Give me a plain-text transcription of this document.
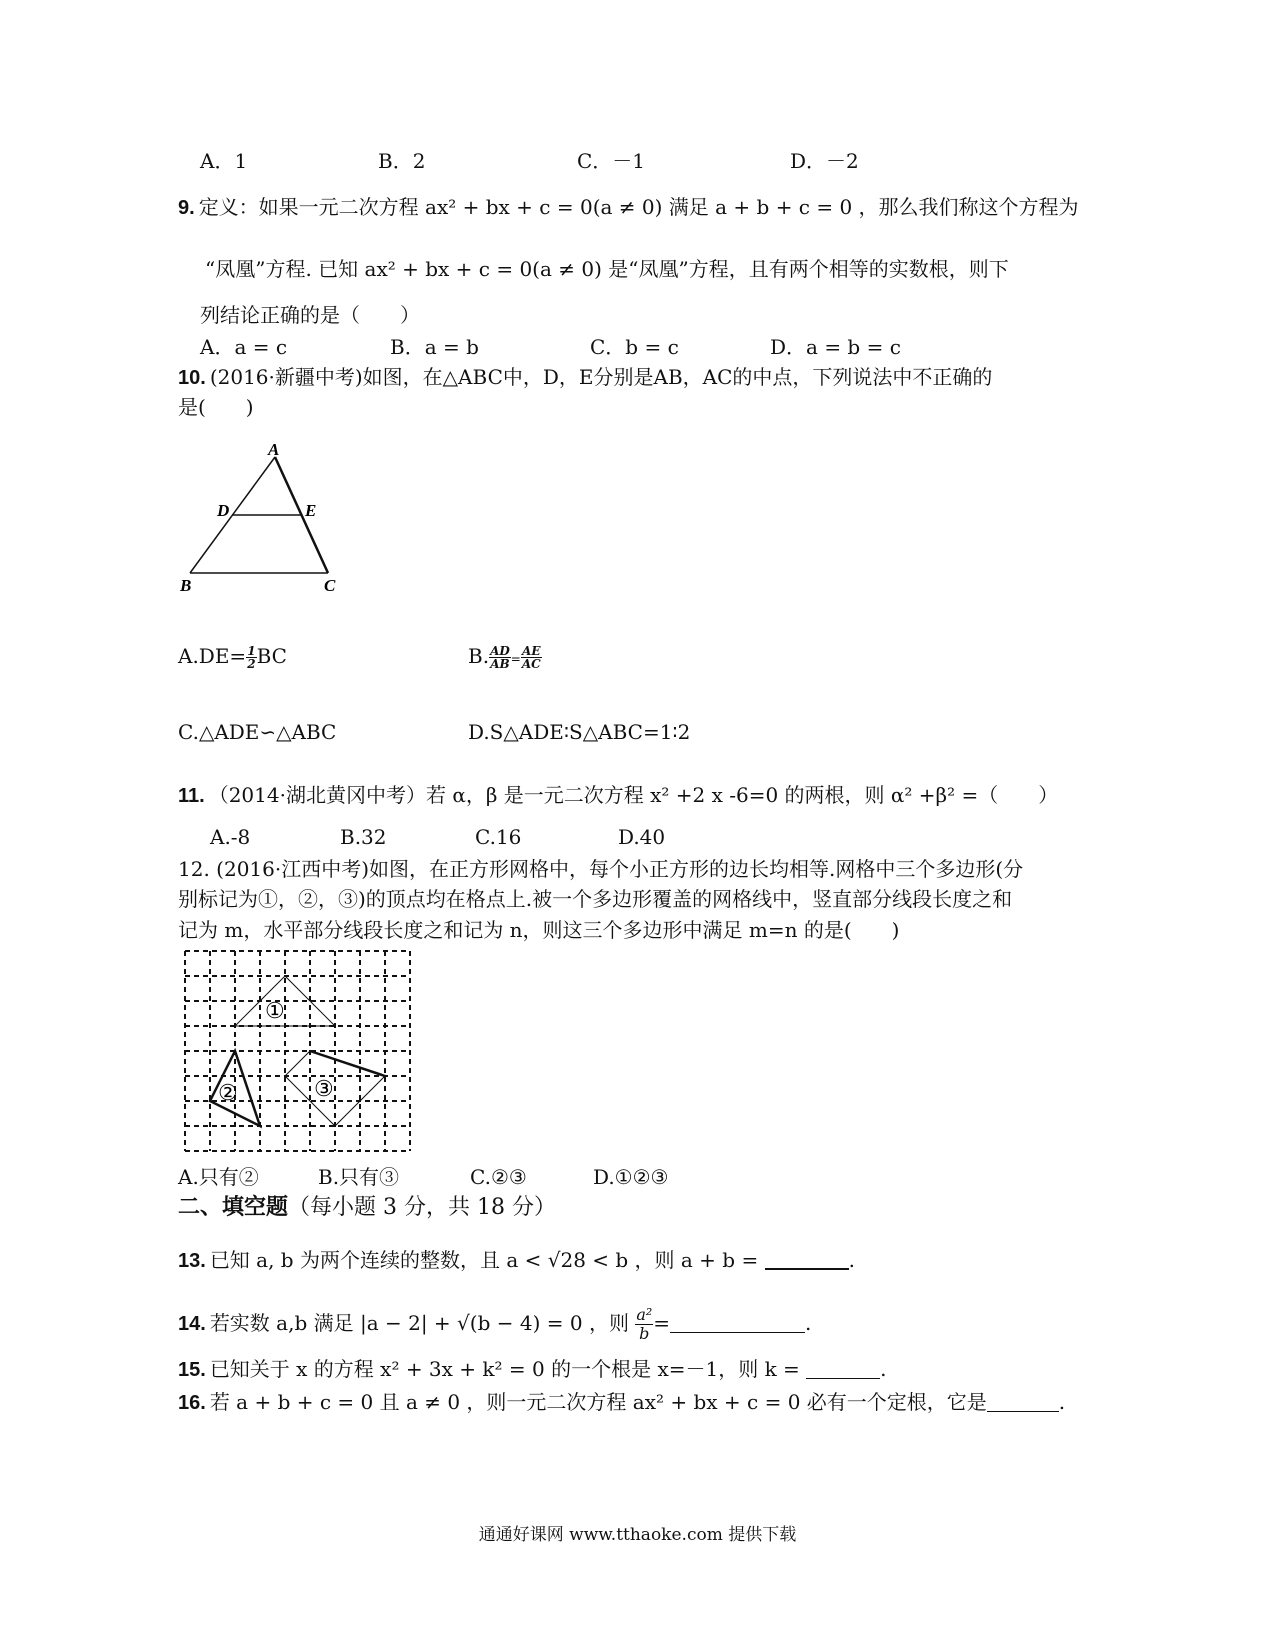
A．1	B．2	C．－1	D．－2
9. 定义：如果一元二次方程 ax² + bx + c = 0(a ≠ 0) 满足 a + b + c = 0 ，那么我们称这个方程为
“凤凰”方程. 已知 ax² + bx + c = 0(a ≠ 0) 是“凤凰”方程，且有两个相等的实数根，则下
列结论正确的是（　　）
A．a = c	B．a = b	C．b = c	D．a = b = c
10. (2016·新疆中考)如图，在△ABC中，D，E分别是AB，AC的中点，下列说法中不正确的
是(　　)
A
D	E
B	C
$A.DE= \frac{1}{2}$ BC	B. $\frac{AD}{AB} = \frac{AE}{AC}$
C.△ADE∽△ABC	D.S△ADE∶S△ABC=1∶2
11. （2014·湖北黄冈中考）若 α，β 是一元二次方程 x² +2 x -6=0 的两根，则 α² +β² =（　　）
A.-8	B.32	C.16	D.40
12. (2016·江西中考)如图，在正方形网格中，每个小正方形的边长均相等.网格中三个多边形(分
别标记为①，②，③)的顶点均在格点上.被一个多边形覆盖的网格线中，竖直部分线段长度之和
记为 m，水平部分线段长度之和记为 n，则这三个多边形中满足 m=n 的是(　　)
①
②	③
A.只有②	B.只有③	C.②③	D.①②③
二、填空题（每小题 3 分，共 18 分）
13. 已知 a, b 为两个连续的整数，且 a < √28 < b ，则 a + b =	.
14. 若实数 a,b 满足 |a − 2| + √(b − 4) = 0 ，则 $\frac{\text{a²}}{b}$ =	.
15. 已知关于 x 的方程 x² + 3x + k² = 0 的一个根是 x=－1，则 k =	.
16. 若 a + b + c = 0 且 a ≠ 0 ，则一元二次方程 ax² + bx + c = 0 必有一个定根，它是	.
通通好课网 www.tthaoke.com 提供下载
